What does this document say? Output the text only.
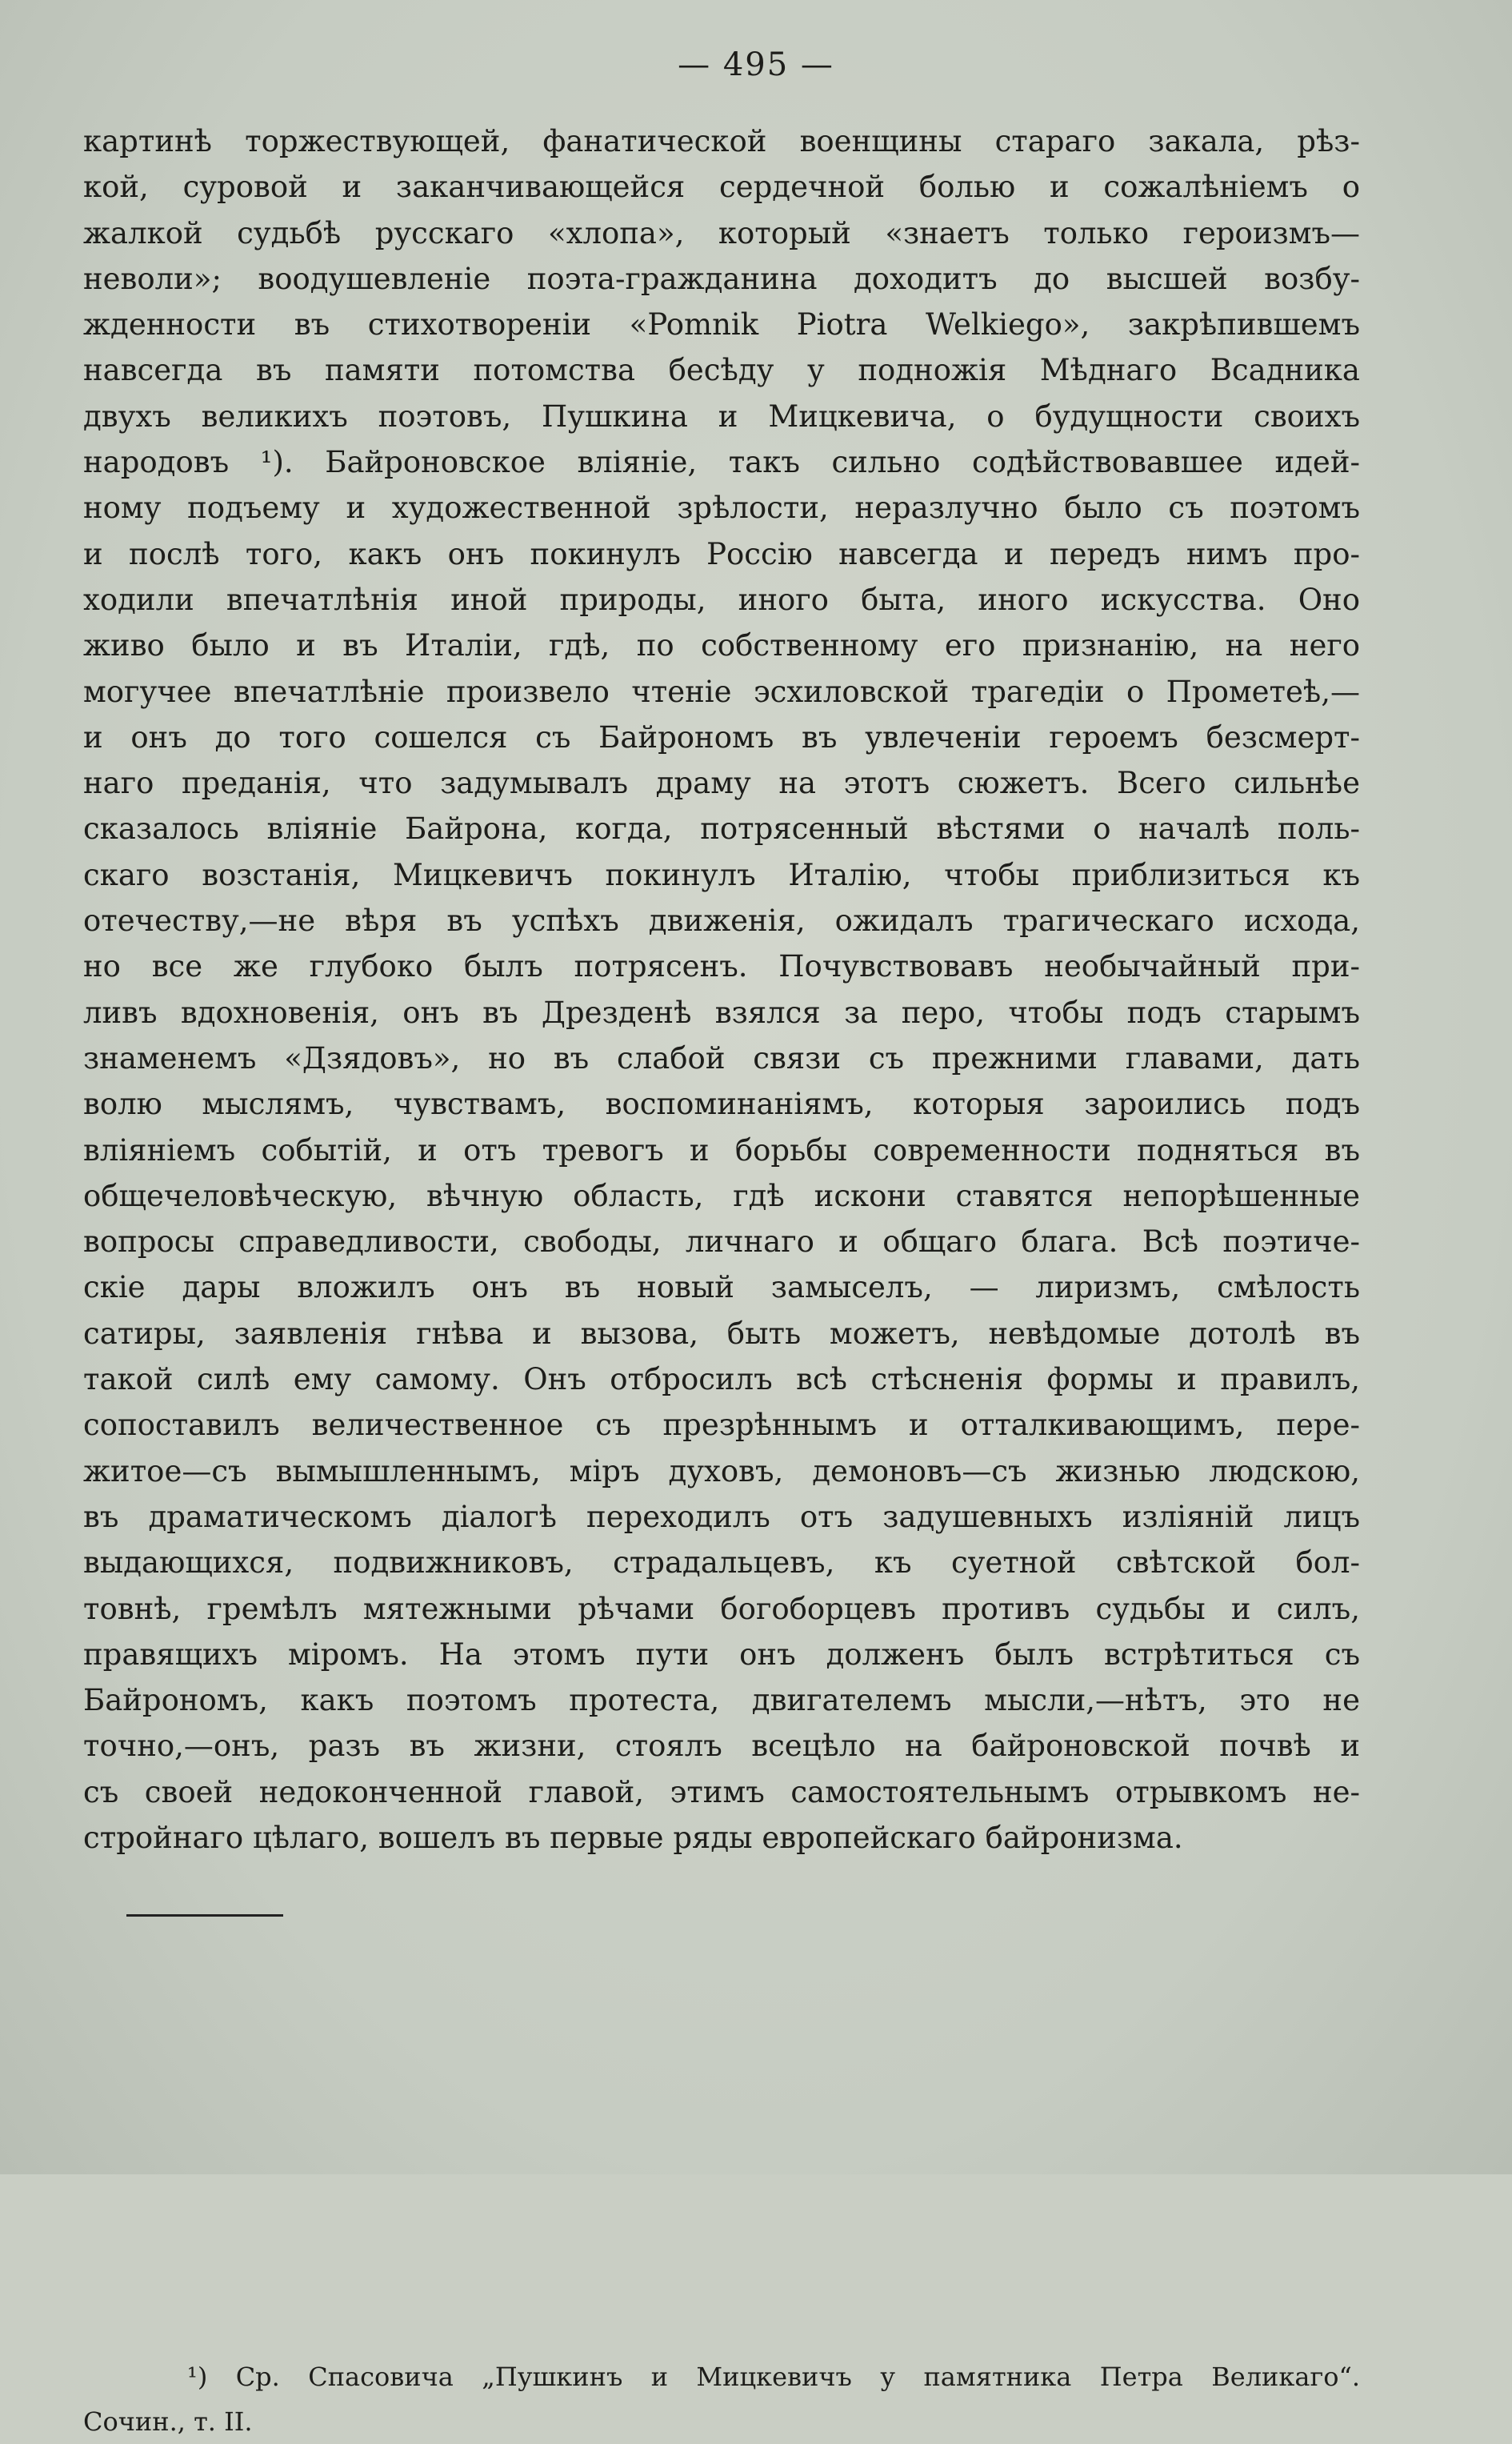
— 495 —
картинѣ торжествующей, фанатической военщины стараго закала, рѣз-
кой, суровой и заканчивающейся сердечной болью и сожалѣніемъ о
жалкой судьбѣ русскаго «хлопа», который «знаетъ только героизмъ—
неволи»; воодушевленіе поэта-гражданина доходитъ до высшей возбу-
жденности въ стихотвореніи «Pomnik Piotra Welkiego», закрѣпившемъ
навсегда въ памяти потомства бесѣду у подножія Мѣднаго Всадника
двухъ великихъ поэтовъ, Пушкина и Мицкевича, о будущности своихъ
народовъ ¹). Байроновское вліяніе, такъ сильно содѣйствовавшее идей-
ному подъему и художественной зрѣлости, неразлучно было съ поэтомъ
и послѣ того, какъ онъ покинулъ Россію навсегда и передъ нимъ про-
ходили впечатлѣнія иной природы, иного быта, иного искусства. Оно
живо было и въ Италіи, гдѣ, по собственному его признанію, на него
могучее впечатлѣніе произвело чтеніе эсхиловской трагедіи о Прометеѣ,—
и онъ до того сошелся съ Байрономъ въ увлеченіи героемъ безсмерт-
наго преданія, что задумывалъ драму на этотъ сюжетъ. Всего сильнѣе
сказалось вліяніе Байрона, когда, потрясенный вѣстями о началѣ поль-
скаго возстанія, Мицкевичъ покинулъ Италію, чтобы приблизиться къ
отечеству,—не вѣря въ успѣхъ движенія, ожидалъ трагическаго исхода,
но все же глубоко былъ потрясенъ. Почувствовавъ необычайный при-
ливъ вдохновенія, онъ въ Дрезденѣ взялся за перо, чтобы подъ старымъ
знаменемъ «Дзядовъ», но въ слабой связи съ прежними главами, дать
волю мыслямъ, чувствамъ, воспоминаніямъ, которыя зароились подъ
вліяніемъ событій, и отъ тревогъ и борьбы современности подняться въ
общечеловѣческую, вѣчную область, гдѣ искони ставятся непорѣшенные
вопросы справедливости, свободы, личнаго и общаго блага. Всѣ поэтиче-
скіе дары вложилъ онъ въ новый замыселъ, — лиризмъ, смѣлость
сатиры, заявленія гнѣва и вызова, быть можетъ, невѣдомые дотолѣ въ
такой силѣ ему самому. Онъ отбросилъ всѣ стѣсненія формы и правилъ,
сопоставилъ величественное съ презрѣннымъ и отталкивающимъ, пере-
житое—съ вымышленнымъ, міръ духовъ, демоновъ—съ жизнью людскою,
въ драматическомъ діалогѣ переходилъ отъ задушевныхъ изліяній лицъ
выдающихся, подвижниковъ, страдальцевъ, къ суетной свѣтской бол-
товнѣ, гремѣлъ мятежными рѣчами богоборцевъ противъ судьбы и силъ,
правящихъ міромъ. На этомъ пути онъ долженъ былъ встрѣтиться съ
Байрономъ, какъ поэтомъ протеста, двигателемъ мысли,—нѣтъ, это не
точно,—онъ, разъ въ жизни, стоялъ всецѣло на байроновской почвѣ и
съ своей недоконченной главой, этимъ самостоятельнымъ отрывкомъ не-
стройнаго цѣлаго, вошелъ въ первые ряды европейскаго байронизма.
¹) Ср. Спасовича „Пушкинъ и Мицкевичъ у памятника Петра Великаго“.
Сочин., т. II.
